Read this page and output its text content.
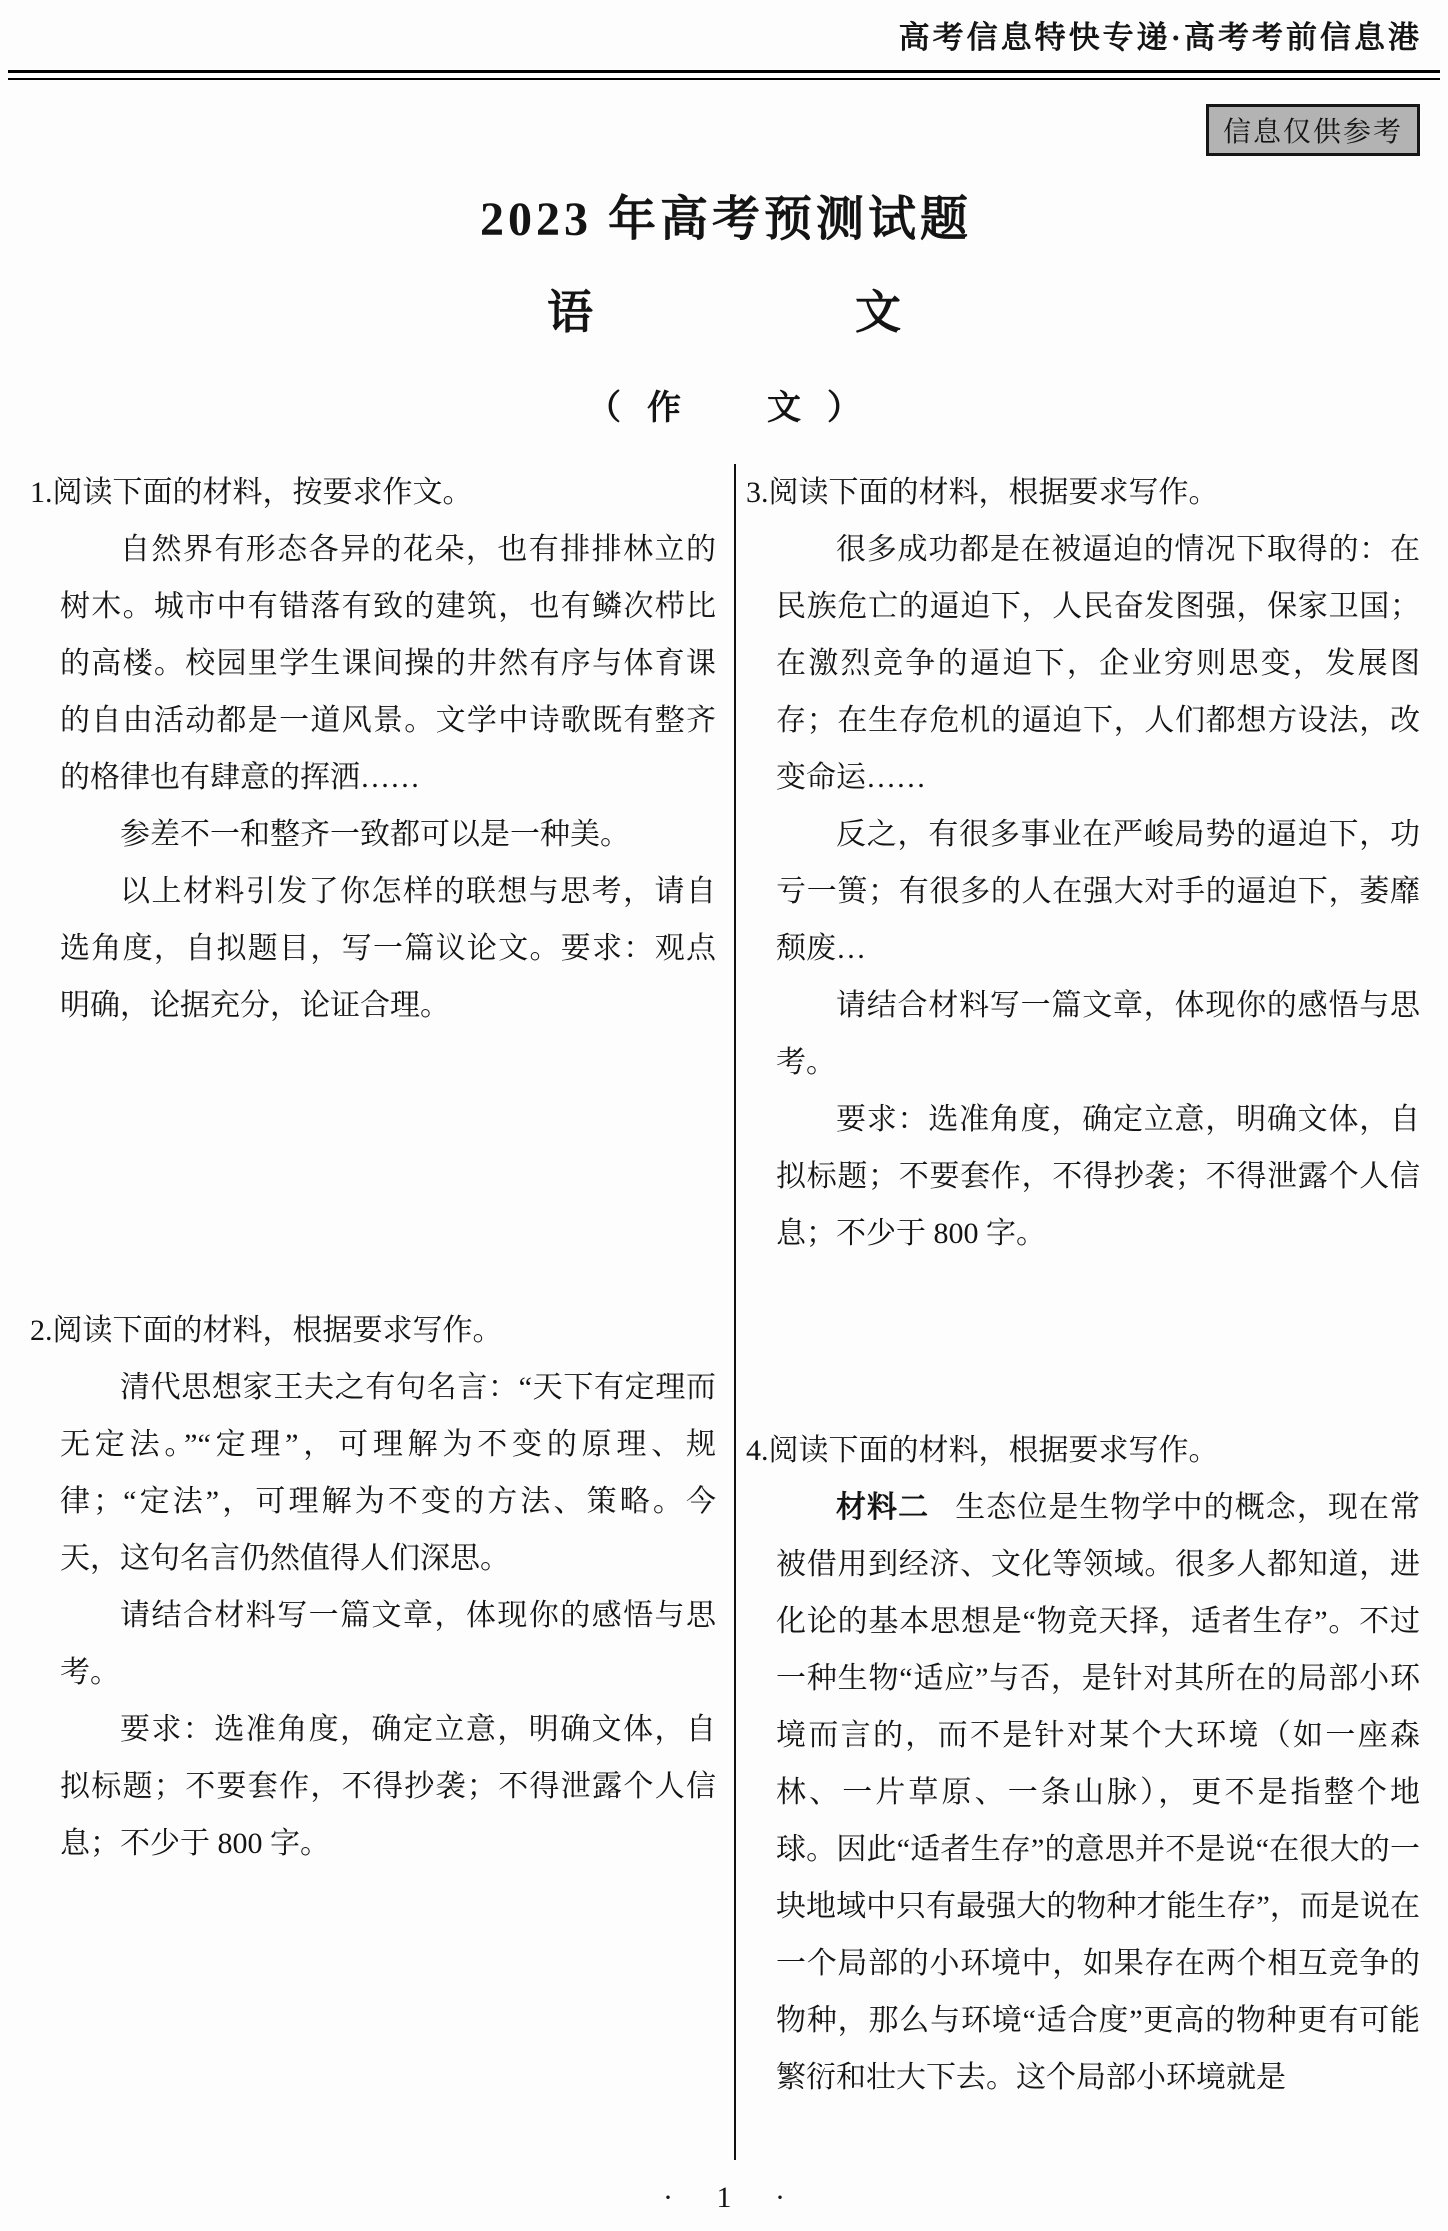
高考信息特快专递·高考考前信息港
信息仅供参考
2023 年高考预测试题
语　文
（作　文）

1.阅读下面的材料，按要求作文。

自然界有形态各异的花朵，也有排排林立的树木。城市中有错落有致的建筑，也有鳞次栉比的高楼。校园里学生课间操的井然有序与体育课的自由活动都是一道风景。文学中诗歌既有整齐的格律也有肆意的挥洒……

参差不一和整齐一致都可以是一种美。

以上材料引发了你怎样的联想与思考，请自选角度，自拟题目，写一篇议论文。要求：观点明确，论据充分，论证合理。

2.阅读下面的材料，根据要求写作。

清代思想家王夫之有句名言：“天下有定理而无定法。”“定理”，可理解为不变的原理、规律；“定法”，可理解为不变的方法、策略。今天，这句名言仍然值得人们深思。

请结合材料写一篇文章，体现你的感悟与思考。

要求：选准角度，确定立意，明确文体，自拟标题；不要套作，不得抄袭；不得泄露个人信息；不少于 800 字。

3.阅读下面的材料，根据要求写作。

很多成功都是在被逼迫的情况下取得的：在民族危亡的逼迫下，人民奋发图强，保家卫国；在激烈竞争的逼迫下，企业穷则思变，发展图存；在生存危机的逼迫下，人们都想方设法，改变命运……

反之，有很多事业在严峻局势的逼迫下，功亏一篑；有很多的人在强大对手的逼迫下，萎靡颓废…

请结合材料写一篇文章，体现你的感悟与思考。

要求：选准角度，确定立意，明确文体，自拟标题；不要套作，不得抄袭；不得泄露个人信息；不少于 800 字。

4.阅读下面的材料，根据要求写作。

材料二 生态位是生物学中的概念，现在常被借用到经济、文化等领域。很多人都知道，进化论的基本思想是“物竞天择，适者生存”。不过一种生物“适应”与否，是针对其所在的局部小环境而言的，而不是针对某个大环境（如一座森林、一片草原、一条山脉），更不是指整个地球。因此“适者生存”的意思并不是说“在很大的一块地域中只有最强大的物种才能生存”，而是说在一个局部的小环境中，如果存在两个相互竞争的物种，那么与环境“适合度”更高的物种更有可能繁衍和壮大下去。这个局部小环境就是

· 1 ·
